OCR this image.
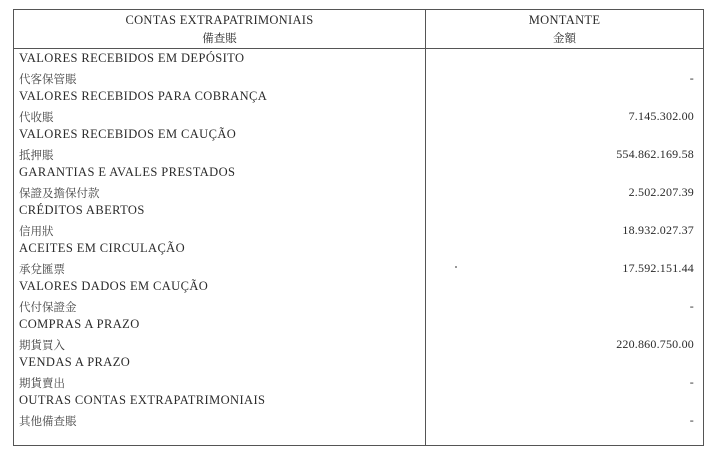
CONTAS EXTRAPATRIMONIAIS
備查賬
MONTANTE
金額
VALORES RECEBIDOS EM DEPÓSITO
代客保管賬	-
VALORES RECEBIDOS PARA COBRANÇA
代收賬	7.145.302.00
VALORES RECEBIDOS EM CAUÇÃO
抵押賬	554.862.169.58
GARANTIAS E AVALES PRESTADOS
保證及擔保付款	2.502.207.39
CRÉDITOS ABERTOS
信用狀	18.932.027.37
ACEITES EM CIRCULAÇÃO
承兌匯票	17.592.151.44
VALORES DADOS EM CAUÇÃO
代付保證金	-
COMPRAS A PRAZO
期貨買入	220.860.750.00
VENDAS A PRAZO
期貨賣出	-
OUTRAS CONTAS EXTRAPATRIMONIAIS
其他備查賬	-
